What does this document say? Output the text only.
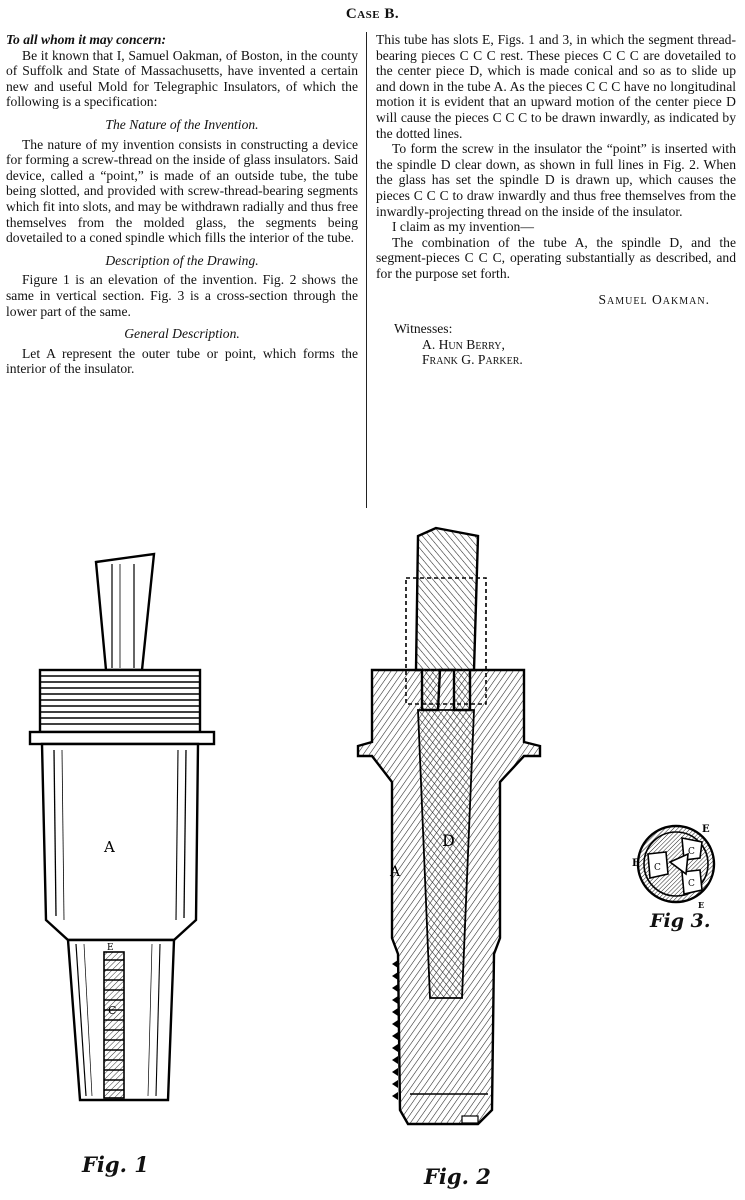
Case B.

To all whom it may concern:

Be it known that I, Samuel Oakman, of Boston, in the county of Suffolk and State of Massachusetts, have invented a certain new and useful Mold for Telegraphic Insulators, of which the following is a specification:

The Nature of the Invention.

The nature of my invention consists in constructing a device for forming a screw-thread on the inside of glass insulators. Said device, called a “point,” is made of an outside tube, the tube being slotted, and provided with screw-thread-bearing segments which fit into slots, and may be withdrawn radially and thus free themselves from the molded glass, the segments being dovetailed to a coned spindle which fills the interior of the tube.

Description of the Drawing.

Figure 1 is an elevation of the invention. Fig. 2 shows the same in vertical section. Fig. 3 is a cross-section through the lower part of the same.

General Description.

Let A represent the outer tube or point, which forms the interior of the insulator.

This tube has slots E, Figs. 1 and 3, in which the segment thread-bearing pieces C C C rest. These pieces C C C are dovetailed to the center piece D, which is made conical and so as to slide up and down in the tube A. As the pieces C C C have no longitudinal motion it is evident that an upward motion of the center piece D will cause the pieces C C C to be drawn inwardly, as indicated by the dotted lines.

To form the screw in the insulator the “point” is inserted with the spindle D clear down, as shown in full lines in Fig. 2. When the glass has set the spindle D is drawn up, which causes the pieces C C C to draw inwardly and thus free themselves from the inwardly-projecting thread on the inside of the insulator.

I claim as my invention—

The combination of the tube A, the spindle D, and the segment-pieces C C C, operating substantially as described, and for the purpose set forth.

Samuel Oakman.

Witnesses:

A. Hun Berry,

Frank G. Parker.

A
E
C
Fig. 1
A
D
Fig. 2
E
E
E
C
C
C
Fig 3.
